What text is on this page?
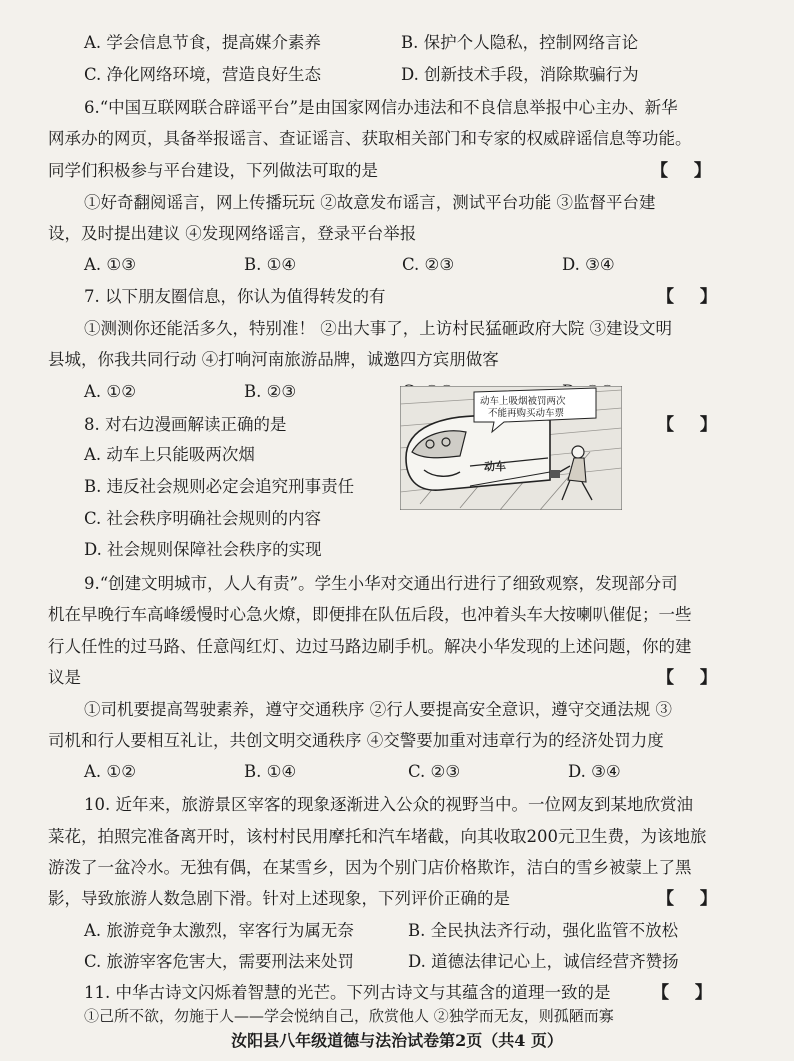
A. 学会信息节食，提高媒介素养	B. 保护个人隐私，控制网络言论
C. 净化网络环境，营造良好生态	D. 创新技术手段，消除欺骗行为
6.“中国互联网联合辟谣平台”是由国家网信办违法和不良信息举报中心主办、新华
网承办的网页，具备举报谣言、查证谣言、获取相关部门和专家的权威辟谣信息等功能。
同学们积极参与平台建设，下列做法可取的是	【 】
①好奇翻阅谣言，网上传播玩玩 ②故意发布谣言，测试平台功能 ③监督平台建
设，及时提出建议 ④发现网络谣言，登录平台举报
A. ①③	B. ①④	C. ②③	D. ③④
7. 以下朋友圈信息，你认为值得转发的有	【 】
①测测你还能活多久，特别准！ ②出大事了，上访村民猛砸政府大院 ③建设文明
县城，你我共同行动 ④打响河南旅游品牌，诚邀四方宾朋做客
A. ①②	B. ②③
8. 对右边漫画解读正确的是	【 】
A. 动车上只能吸两次烟
B. 违反社会规则必定会追究刑事责任
C. 社会秩序明确社会规则的内容
D. 社会规则保障社会秩序的实现
动车
动车上吸烟被罚两次
不能再购买动车票
9.“创建文明城市，人人有责”。学生小华对交通出行进行了细致观察，发现部分司
机在早晚行车高峰缓慢时心急火燎，即便排在队伍后段，也冲着头车大按喇叭催促；一些
行人任性的过马路、任意闯红灯、边过马路边刷手机。解决小华发现的上述问题，你的建
议是	【 】
①司机要提高驾驶素养，遵守交通秩序 ②行人要提高安全意识，遵守交通法规 ③
司机和行人要相互礼让，共创文明交通秩序 ④交警要加重对违章行为的经济处罚力度
A. ①②	B. ①④	C. ②③	D. ③④
10. 近年来，旅游景区宰客的现象逐渐进入公众的视野当中。一位网友到某地欣赏油
菜花，拍照完准备离开时，该村村民用摩托和汽车堵截，向其收取200元卫生费，为该地旅
游泼了一盆冷水。无独有偶，在某雪乡，因为个别门店价格欺诈，洁白的雪乡被蒙上了黑
影，导致旅游人数急剧下滑。针对上述现象，下列评价正确的是	【 】
A. 旅游竞争太激烈，宰客行为属无奈	B. 全民执法齐行动，强化监管不放松
C. 旅游宰客危害大，需要刑法来处罚	D. 道德法律记心上，诚信经营齐赞扬
11. 中华古诗文闪烁着智慧的光芒。下列古诗文与其蕴含的道理一致的是 【 】
①己所不欲，勿施于人——学会悦纳自己，欣赏他人 ②独学而无友，则孤陋而寡
汝阳县八年级道德与法治试卷第2页（共4 页）
